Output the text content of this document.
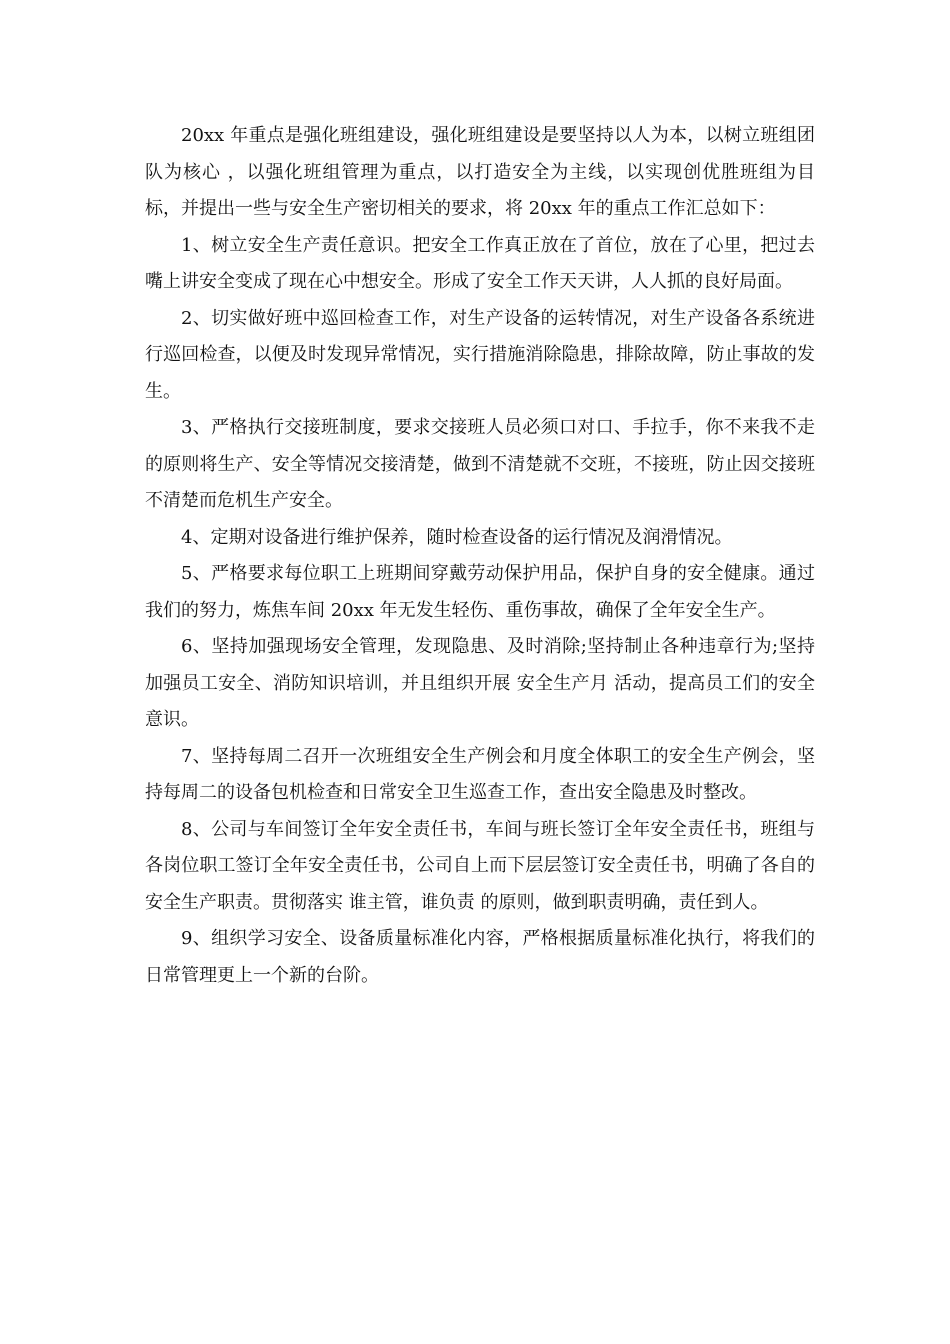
20xx 年重点是强化班组建设，强化班组建设是要坚持以人为本，以树立班组团队为核心 ，以强化班组管理为重点，以打造安全为主线，以实现创优胜班组为目标，并提出一些与安全生产密切相关的要求，将 20xx 年的重点工作汇总如下：

1、树立安全生产责任意识。把安全工作真正放在了首位，放在了心里，把过去嘴上讲安全变成了现在心中想安全。形成了安全工作天天讲，人人抓的良好局面。

2、切实做好班中巡回检查工作，对生产设备的运转情况，对生产设备各系统进行巡回检查，以便及时发现异常情况，实行措施消除隐患，排除故障，防止事故的发生。

3、严格执行交接班制度，要求交接班人员必须口对口、手拉手，你不来我不走的原则将生产、安全等情况交接清楚，做到不清楚就不交班，不接班，防止因交接班不清楚而危机生产安全。

4、定期对设备进行维护保养，随时检查设备的运行情况及润滑情况。

5、严格要求每位职工上班期间穿戴劳动保护用品，保护自身的安全健康。通过我们的努力，炼焦车间 20xx 年无发生轻伤、重伤事故，确保了全年安全生产。

6、坚持加强现场安全管理，发现隐患、及时消除;坚持制止各种违章行为;坚持加强员工安全、消防知识培训，并且组织开展 安全生产月 活动，提高员工们的安全意识。

7、坚持每周二召开一次班组安全生产例会和月度全体职工的安全生产例会，坚持每周二的设备包机检查和日常安全卫生巡查工作，查出安全隐患及时整改。

8、公司与车间签订全年安全责任书，车间与班长签订全年安全责任书，班组与各岗位职工签订全年安全责任书，公司自上而下层层签订安全责任书，明确了各自的安全生产职责。贯彻落实 谁主管，谁负责 的原则，做到职责明确，责任到人。

9、组织学习安全、设备质量标准化内容，严格根据质量标准化执行，将我们的日常管理更上一个新的台阶。
